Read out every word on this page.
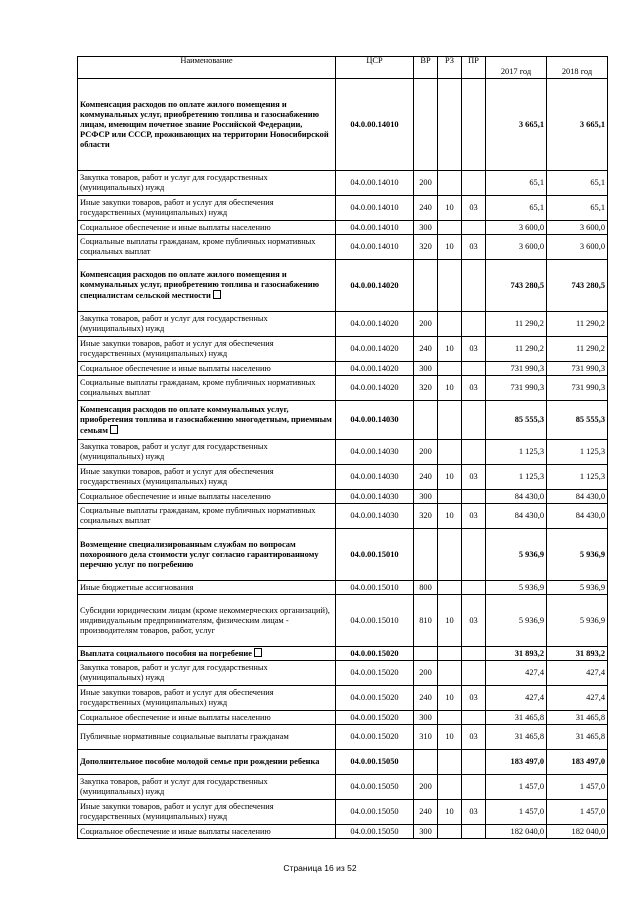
Наименование	ЦСР	ВР	РЗ	ПР	2017 год	2018 год
Компенсация расходов по оплате жилого помещения и коммунальных услуг, приобретению топлива и газоснабжению лицам, имеющим почетное звание Российской Федерации, РСФСР или СССР, проживающих на территории Новосибирской области	04.0.00.14010				3 665,1	3 665,1
Закупка товаров, работ и услуг для государственных (муниципальных) нужд	04.0.00.14010	200			65,1	65,1
Иные закупки товаров, работ и услуг для обеспечения государственных (муниципальных) нужд	04.0.00.14010	240	10	03	65,1	65,1
Социальное обеспечение и иные выплаты населению	04.0.00.14010	300			3 600,0	3 600,0
Социальные выплаты гражданам, кроме публичных нормативных социальных выплат	04.0.00.14010	320	10	03	3 600,0	3 600,0
Компенсация расходов по оплате жилого помещения и коммунальных услуг, приобретению топлива и газоснабжению специалистам сельской местности	04.0.00.14020				743 280,5	743 280,5
Закупка товаров, работ и услуг для государственных (муниципальных) нужд	04.0.00.14020	200			11 290,2	11 290,2
Иные закупки товаров, работ и услуг для обеспечения государственных (муниципальных) нужд	04.0.00.14020	240	10	03	11 290,2	11 290,2
Социальное обеспечение и иные выплаты населению	04.0.00.14020	300			731 990,3	731 990,3
Социальные выплаты гражданам, кроме публичных нормативных социальных выплат	04.0.00.14020	320	10	03	731 990,3	731 990,3
Компенсация расходов по оплате коммунальных услуг, приобретения топлива и газоснабжению многодетным, приемным семьям	04.0.00.14030				85 555,3	85 555,3
Закупка товаров, работ и услуг для государственных (муниципальных) нужд	04.0.00.14030	200			1 125,3	1 125,3
Иные закупки товаров, работ и услуг для обеспечения государственных (муниципальных) нужд	04.0.00.14030	240	10	03	1 125,3	1 125,3
Социальное обеспечение и иные выплаты населению	04.0.00.14030	300			84 430,0	84 430,0
Социальные выплаты гражданам, кроме публичных нормативных социальных выплат	04.0.00.14030	320	10	03	84 430,0	84 430,0
Возмещение специализированным службам по вопросам похоронного дела стоимости услуг согласно гарантированному перечню услуг по погребению	04.0.00.15010				5 936,9	5 936,9
Иные бюджетные ассигнования	04.0.00.15010	800			5 936,9	5 936,9
Субсидии юридическим лицам (кроме некоммерческих организаций), индивидуальным предпринимателям, физическим лицам - производителям товаров, работ, услуг	04.0.00.15010	810	10	03	5 936,9	5 936,9
Выплата социального пособия на погребение	04.0.00.15020				31 893,2	31 893,2
Закупка товаров, работ и услуг для государственных (муниципальных) нужд	04.0.00.15020	200			427,4	427,4
Иные закупки товаров, работ и услуг для обеспечения государственных (муниципальных) нужд	04.0.00.15020	240	10	03	427,4	427,4
Социальное обеспечение и иные выплаты населению	04.0.00.15020	300			31 465,8	31 465,8
Публичные нормативные социальные выплаты гражданам	04.0.00.15020	310	10	03	31 465,8	31 465,8
Дополнительное пособие молодой семье при рождении ребенка	04.0.00.15050				183 497,0	183 497,0
Закупка товаров, работ и услуг для государственных (муниципальных) нужд	04.0.00.15050	200			1 457,0	1 457,0
Иные закупки товаров, работ и услуг для обеспечения государственных (муниципальных) нужд	04.0.00.15050	240	10	03	1 457,0	1 457,0
Социальное обеспечение и иные выплаты населению	04.0.00.15050	300			182 040,0	182 040,0
Страница 16 из 52
